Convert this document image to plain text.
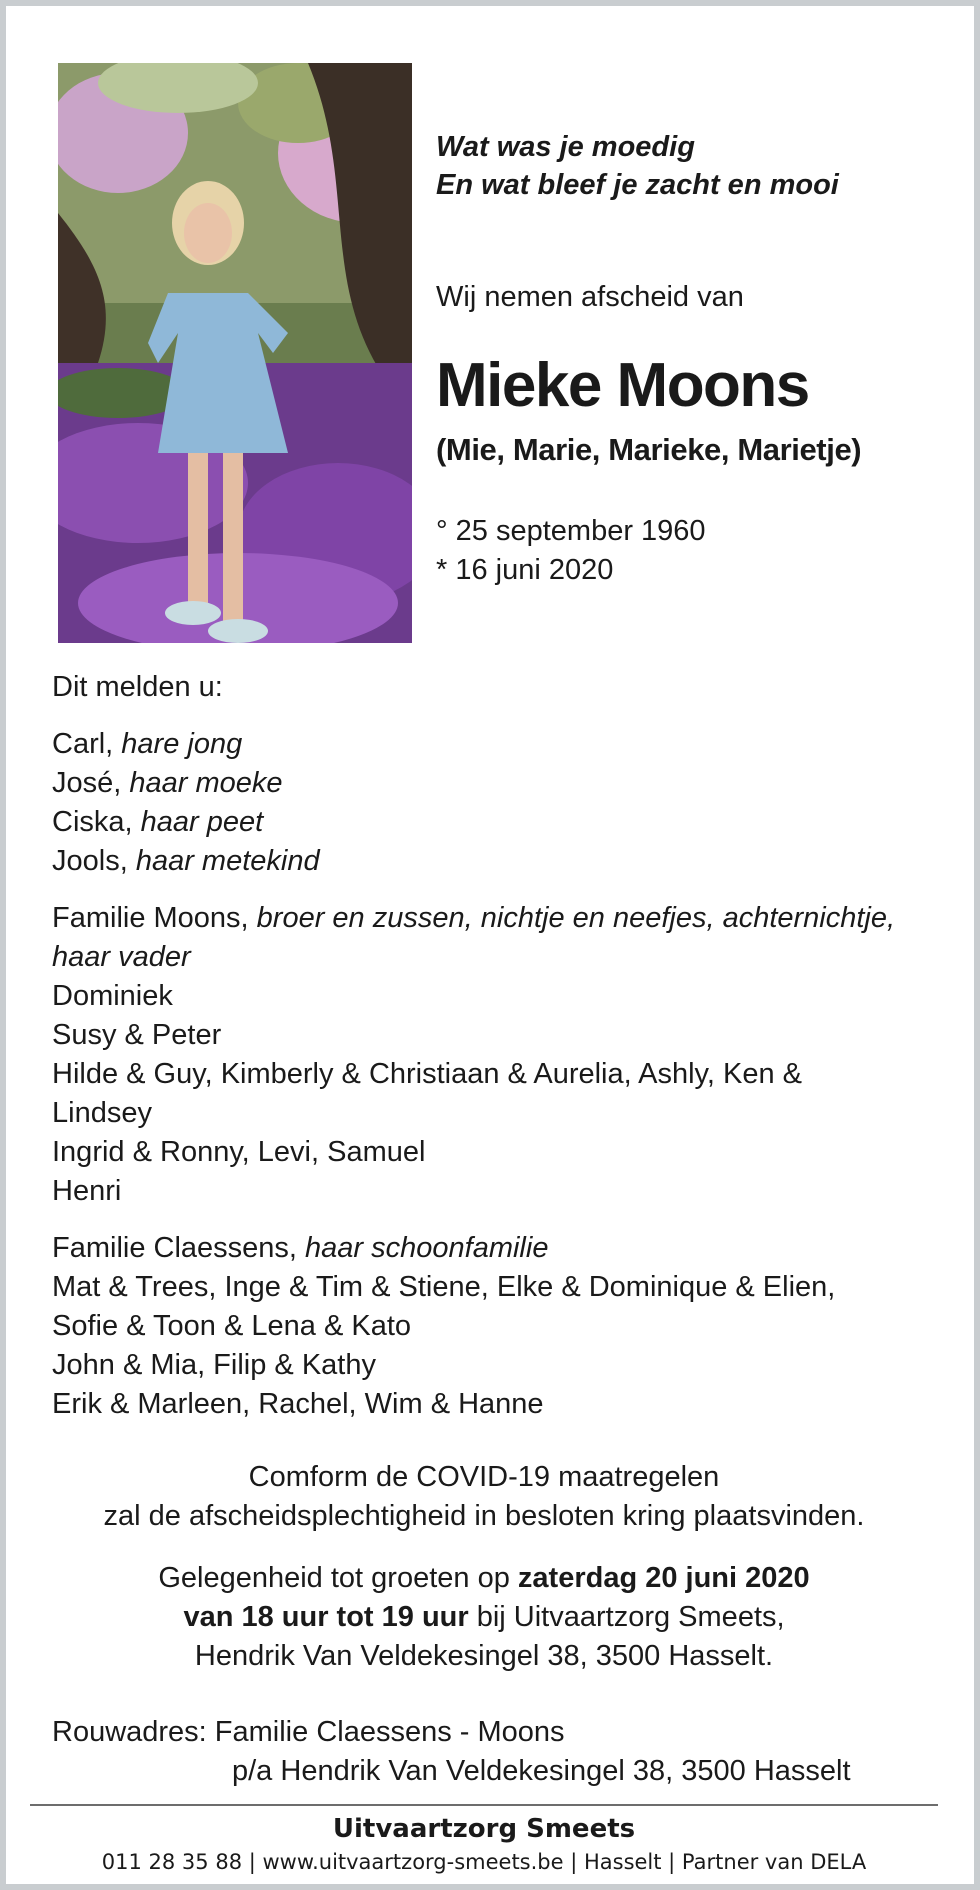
Wat was je moedig
En wat bleef je zacht en mooi
Wij nemen afscheid van
Mieke Moons
(Mie, Marie, Marieke, Marietje)
° 25 september 1960
* 16 juni 2020

Dit melden u:

Carl, hare jong

José, haar moeke

Ciska, haar peet

Jools, haar metekind

Familie Moons, broer en zussen, nichtje en neefjes, achternichtje,

haar vader

Dominiek

Susy & Peter

Hilde & Guy, Kimberly & Christiaan & Aurelia, Ashly, Ken &

Lindsey

Ingrid & Ronny, Levi, Samuel

Henri

Familie Claessens, haar schoonfamilie

Mat & Trees, Inge & Tim & Stiene, Elke & Dominique & Elien,

Sofie & Toon & Lena & Kato

John & Mia, Filip & Kathy

Erik & Marleen, Rachel, Wim & Hanne

Comform de COVID-19 maatregelen
zal de afscheidsplechtigheid in besloten kring plaatsvinden.
Gelegenheid tot groeten op zaterdag 20 juni 2020
van 18 uur tot 19 uur bij Uitvaartzorg Smeets,
Hendrik Van Veldekesingel 38, 3500 Hasselt.
Rouwadres: Familie Claessens - Moons
p/a Hendrik Van Veldekesingel 38, 3500 Hasselt
Uitvaartzorg Smeets
011 28 35 88 | www.uitvaartzorg-smeets.be | Hasselt | Partner van DELA
